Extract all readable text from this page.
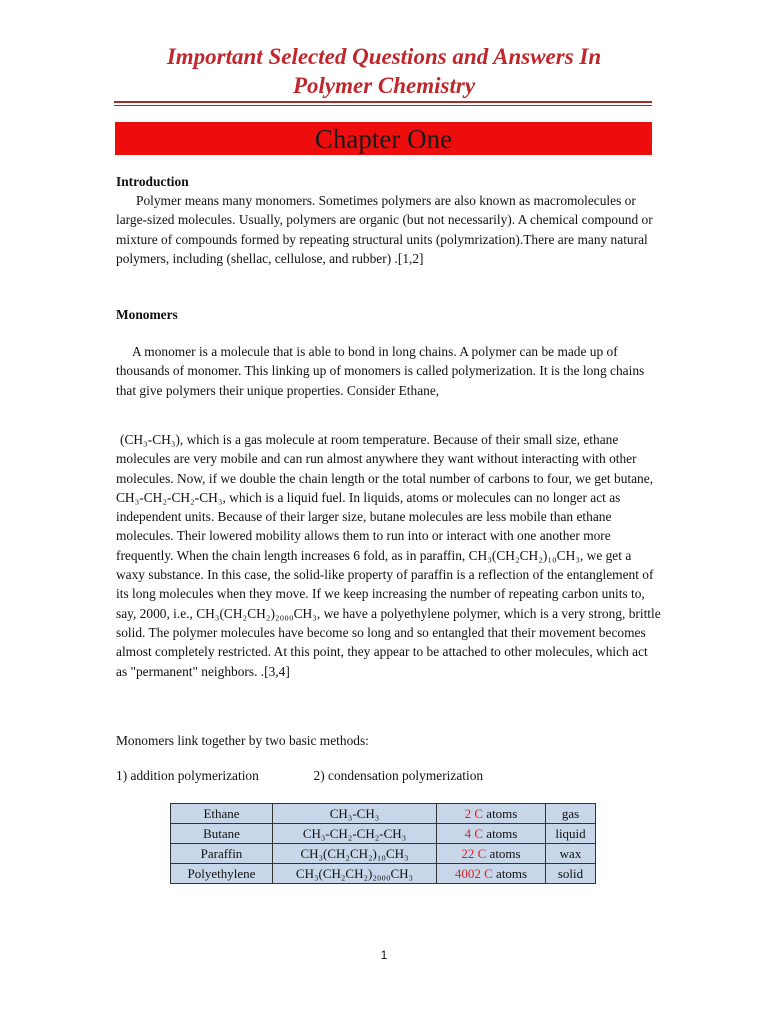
Important Selected Questions and Answers In
Polymer Chemistry
Chapter One
Introduction
Polymer means many monomers. Sometimes polymers are also known as macromolecules or large-sized molecules. Usually, polymers are organic (but not necessarily). A chemical compound or mixture of compounds formed by repeating structural units (polymrization).There are many natural polymers, including (shellac, cellulose, and rubber) .[1,2]
Monomers
A monomer is a molecule that is able to bond in long chains. A polymer can be made up of thousands of monomer. This linking up of monomers is called polymerization. It is the long chains that give polymers their unique properties. Consider Ethane,
(CH₃-CH₃), which is a gas molecule at room temperature. Because of their small size, ethane molecules are very mobile and can run almost anywhere they want without interacting with other molecules. Now, if we double the chain length or the total number of carbons to four, we get butane, CH₃-CH₂-CH₂-CH₃, which is a liquid fuel. In liquids, atoms or molecules can no longer act as independent units. Because of their larger size, butane molecules are less mobile than ethane molecules. Their lowered mobility allows them to run into or interact with one another more frequently. When the chain length increases 6 fold, as in paraffin, CH₃(CH₂CH₂)₁₀CH₃, we get a waxy substance. In this case, the solid-like property of paraffin is a reflection of the entanglement of its long molecules when they move. If we keep increasing the number of repeating carbon units to, say, 2000, i.e., CH₃(CH₂CH₂)₂₀₀₀CH₃, we have a polyethylene polymer, which is a very strong, brittle solid. The polymer molecules have become so long and so entangled that their movement becomes almost completely restricted. At this point, they appear to be attached to other molecules, which act as "permanent" neighbors. .[3,4]
Monomers link together by two basic methods:
1) addition polymerization	2) condensation polymerization
Ethane	CH₃-CH₃	2 C atoms	gas
Butane	CH₃-CH₂-CH₂-CH₃	4 C atoms	liquid
Paraffin	CH₃(CH₂CH₂)₁₀CH₃	22 C atoms	wax
Polyethylene	CH₃(CH₂CH₂)₂₀₀₀CH₃	4002 C atoms	solid
1
